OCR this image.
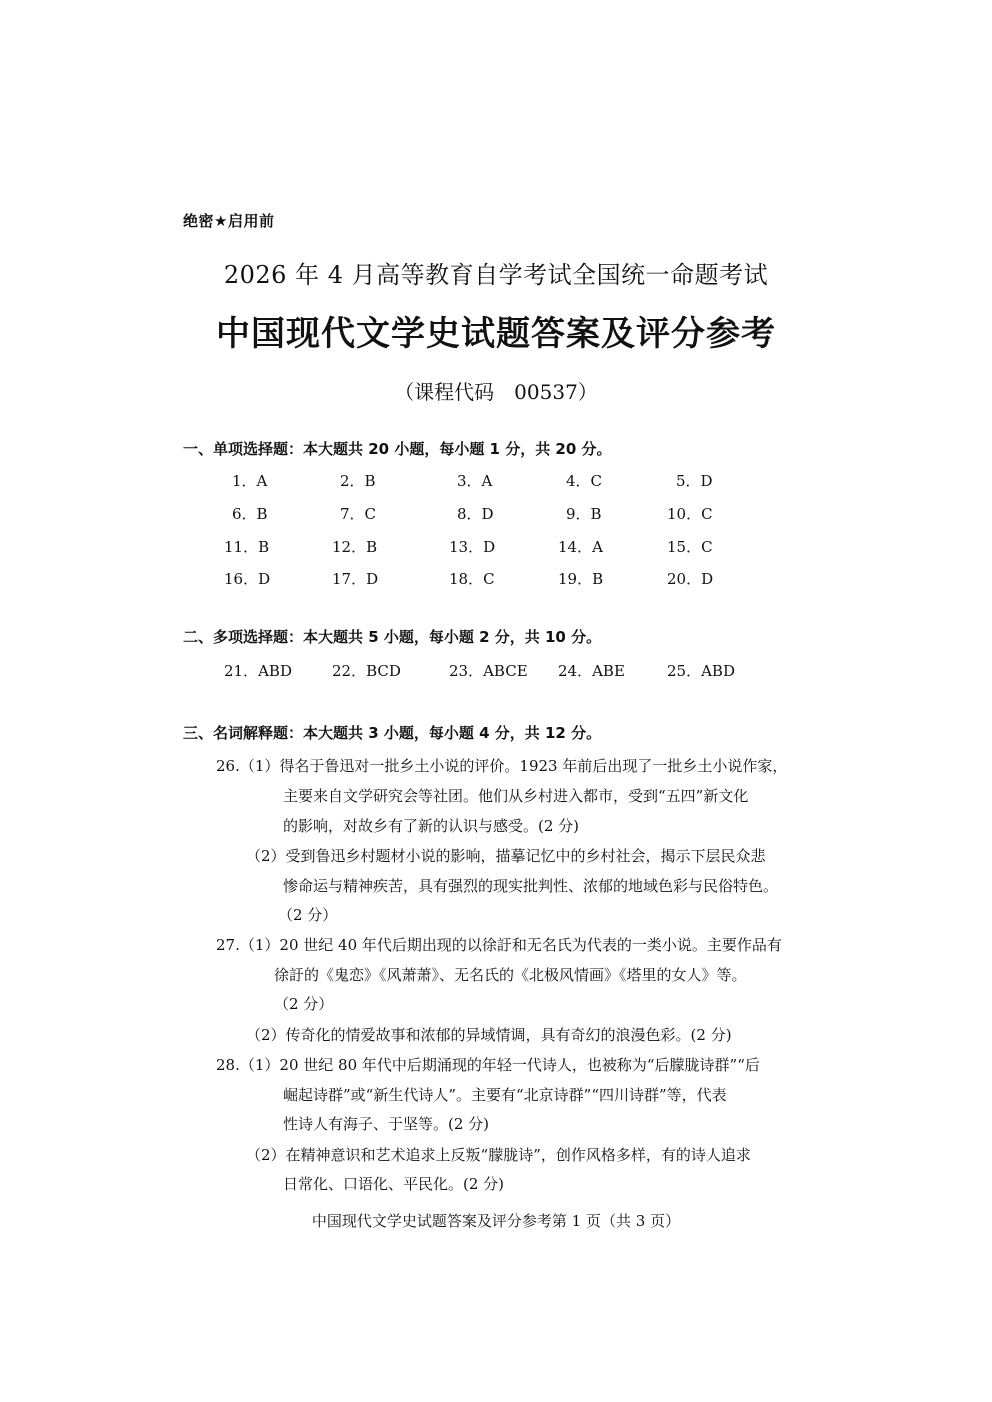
绝密★启用前
2026 年 4 月高等教育自学考试全国统一命题考试
中国现代文学史试题答案及评分参考
（课程代码　00537）
一、单项选择题：本大题共 20 小题，每小题 1 分，共 20 分。
1．A	2．B	3．A	4．C	5．D
6．B	7．C	8．D	9．B	10．C
11．B	12．B	13．D	14．A	15．C
16．D	17．D	18．C	19．B	20．D
二、多项选择题：本大题共 5 小题，每小题 2 分，共 10 分。
21．ABD	22．BCD	23．ABCE 24．ABE	25．ABD
三、名词解释题：本大题共 3 小题，每小题 4 分，共 12 分。
26.（1）得名于鲁迅对一批乡土小说的评价。1923 年前后出现了一批乡土小说作家，
主要来自文学研究会等社团。他们从乡村进入都市，受到“五四”新文化
的影响，对故乡有了新的认识与感受。(2 分)
（2）受到鲁迅乡村题材小说的影响，描摹记忆中的乡村社会，揭示下层民众悲
惨命运与精神疾苦，具有强烈的现实批判性、浓郁的地域色彩与民俗特色。
（2 分）
27.（1）20 世纪 40 年代后期出现的以徐訏和无名氏为代表的一类小说。主要作品有
徐訏的《鬼恋》《风萧萧》、无名氏的《北极风情画》《塔里的女人》等。
（2 分）
（2）传奇化的情爱故事和浓郁的异域情调，具有奇幻的浪漫色彩。(2 分)
28.（1）20 世纪 80 年代中后期涌现的年轻一代诗人，也被称为“后朦胧诗群”“后
崛起诗群”或“新生代诗人”。主要有“北京诗群”“四川诗群”等，代表
性诗人有海子、于坚等。(2 分)
（2）在精神意识和艺术追求上反叛“朦胧诗”，创作风格多样，有的诗人追求
日常化、口语化、平民化。(2 分)
中国现代文学史试题答案及评分参考第 1 页（共 3 页）
